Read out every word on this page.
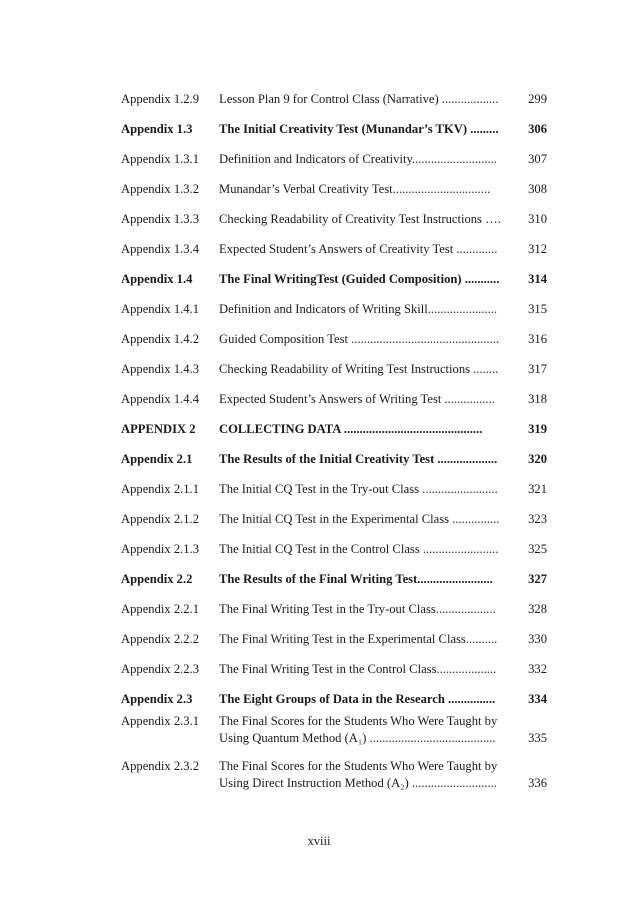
Appendix 1.2.9 Lesson Plan 9 for Control Class (Narrative) ..................	299
Appendix 1.3 The Initial Creativity Test (Munandar’s TKV) .........	306
Appendix 1.3.1 Definition and Indicators of Creativity...........................	307
Appendix 1.3.2 Munandar’s Verbal Creativity Test...............................	308
Appendix 1.3.3 Checking Readability of Creativity Test Instructions ….	310
Appendix 1.3.4 Expected Student’s Answers of Creativity Test .............	312
Appendix 1.4 The Final WritingTest (Guided Composition) ...........	314
Appendix 1.4.1 Definition and Indicators of Writing Skill......................	315
Appendix 1.4.2 Guided Composition Test ...............................................	316
Appendix 1.4.3 Checking Readability of Writing Test Instructions ........	317
Appendix 1.4.4 Expected Student’s Answers of Writing Test ................	318
APPENDIX 2 COLLECTING DATA ............................................	319
Appendix 2.1 The Results of the Initial Creativity Test ...................	320
Appendix 2.1.1 The Initial CQ Test in the Try-out Class ........................	321
Appendix 2.1.2 The Initial CQ Test in the Experimental Class ...............	323
Appendix 2.1.3 The Initial CQ Test in the Control Class ........................	325
Appendix 2.2 The Results of the Final Writing Test........................	327
Appendix 2.2.1 The Final Writing Test in the Try-out Class...................	328
Appendix 2.2.2 The Final Writing Test in the Experimental Class..........	330
Appendix 2.2.3 The Final Writing Test in the Control Class...................	332
Appendix 2.3 The Eight Groups of Data in the Research ...............	334
Appendix 2.3.1 The Final Scores for the Students Who Were Taught by
Using Quantum Method (A₁) ........................................	335
Appendix 2.3.2 The Final Scores for the Students Who Were Taught by
Using Direct Instruction Method (A₂) ...........................	336
xviii
